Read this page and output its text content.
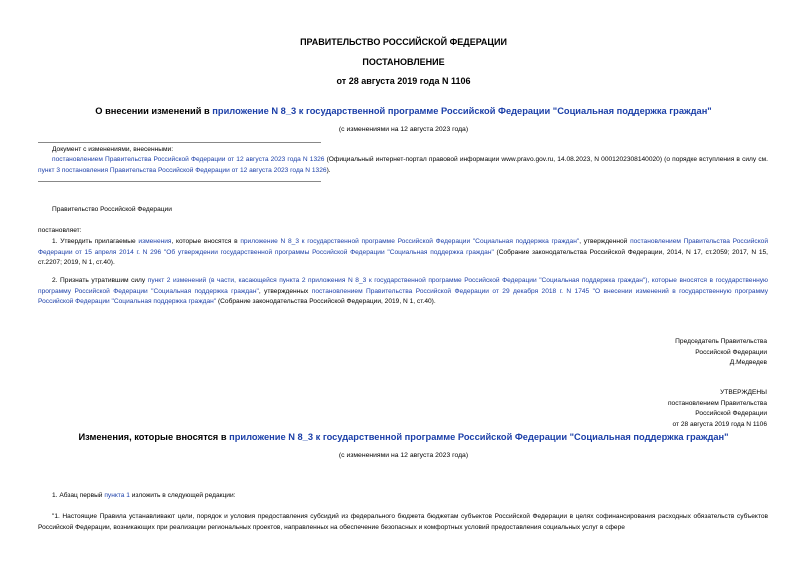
ПРАВИТЕЛЬСТВО РОССИЙСКОЙ ФЕДЕРАЦИИ
ПОСТАНОВЛЕНИЕ
от 28 августа 2019 года N 1106
О внесении изменений в приложение N 8_3 к государственной программе Российской Федерации "Социальная поддержка граждан"
(с изменениями на 12 августа 2023 года)
Документ с изменениями, внесенными:
постановлением Правительства Российской Федерации от 12 августа 2023 года N 1326 (Официальный интернет-портал правовой информации www.pravo.gov.ru, 14.08.2023, N 0001202308140020) (о порядке вступления в силу см. пункт 3 постановления Правительства Российской Федерации от 12 августа 2023 года N 1326).
Правительство Российской Федерации
постановляет:
1. Утвердить прилагаемые изменения, которые вносятся в приложение N 8_3 к государственной программе Российской Федерации "Социальная поддержка граждан", утвержденной постановлением Правительства Российской Федерации от 15 апреля 2014 г. N 296 "Об утверждении государственной программы Российской Федерации "Социальная поддержка граждан" (Собрание законодательства Российской Федерации, 2014, N 17, ст.2059; 2017, N 15, ст.2207; 2019, N 1, ст.40).
2. Признать утратившим силу пункт 2 изменений (в части, касающейся пункта 2 приложения N 8_3 к государственной программе Российской Федерации "Социальная поддержка граждан"), которые вносятся в государственную программу Российской Федерации "Социальная поддержка граждан", утвержденных постановлением Правительства Российской Федерации от 29 декабря 2018 г. N 1745 "О внесении изменений в государственную программу Российской Федерации "Социальная поддержка граждан" (Собрание законодательства Российской Федерации, 2019, N 1, ст.40).
Председатель Правительства
Российской Федерации
Д.Медведев
УТВЕРЖДЕНЫ
постановлением Правительства
Российской Федерации
от 28 августа 2019 года N 1106
Изменения, которые вносятся в приложение N 8_3 к государственной программе Российской Федерации "Социальная поддержка граждан"
(с изменениями на 12 августа 2023 года)
1. Абзац первый пункта 1 изложить в следующей редакции:
"1. Настоящие Правила устанавливают цели, порядок и условия предоставления субсидий из федерального бюджета бюджетам субъектов Российской Федерации в целях софинансирования расходных обязательств субъектов Российской Федерации, возникающих при реализации региональных проектов, направленных на обеспечение безопасных и комфортных условий предоставления социальных услуг в сфере
